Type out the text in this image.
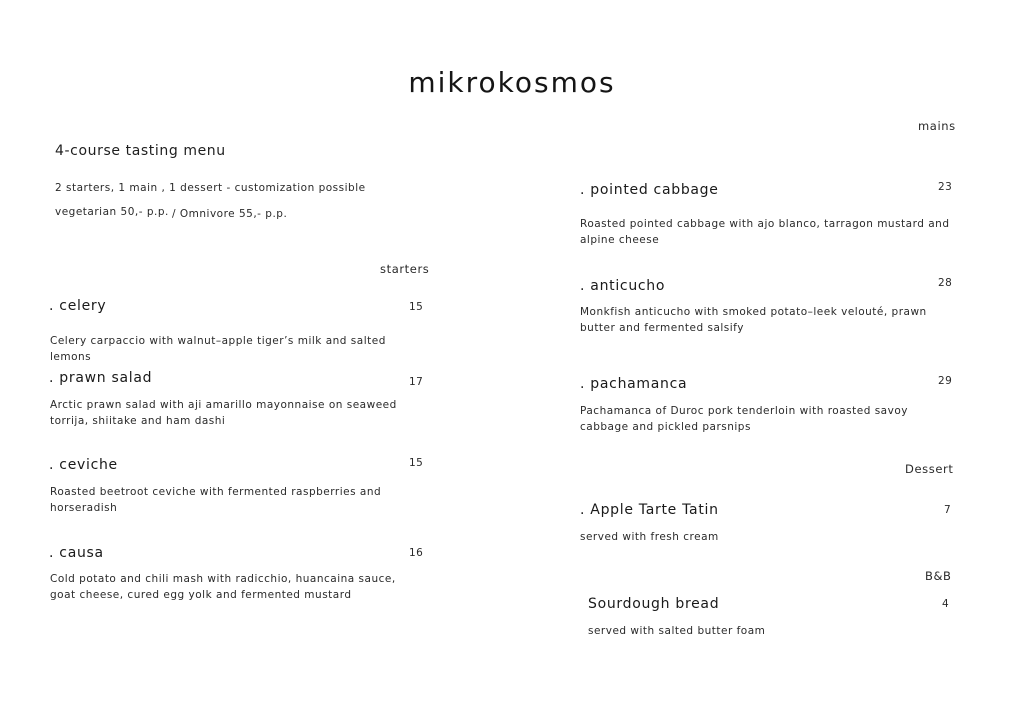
mikrokosmos
4-course tasting menu
2 starters, 1 main , 1 dessert - customization possible
vegetarian 50,- p.p. / Omnivore 55,- p.p.
starters
. celery	15
Celery carpaccio with walnut–apple tiger’s milk and salted lemons
. prawn salad	17
Arctic prawn salad with aji amarillo mayonnaise on seaweed torrija, shiitake and ham dashi
. ceviche	15
Roasted beetroot ceviche with fermented raspberries and horseradish
. causa	16
Cold potato and chili mash with radicchio, huancaina sauce, goat cheese, cured egg yolk and fermented mustard
mains
. pointed cabbage	23
Roasted pointed cabbage with ajo blanco, tarragon mustard and alpine cheese
. anticucho	28
Monkfish anticucho with smoked potato–leek velouté, prawn butter and fermented salsify
. pachamanca	29
Pachamanca of Duroc pork tenderloin with roasted savoy cabbage and pickled parsnips
Dessert
. Apple Tarte Tatin	7
served with fresh cream
B&B
Sourdough bread	4
served with salted butter foam
